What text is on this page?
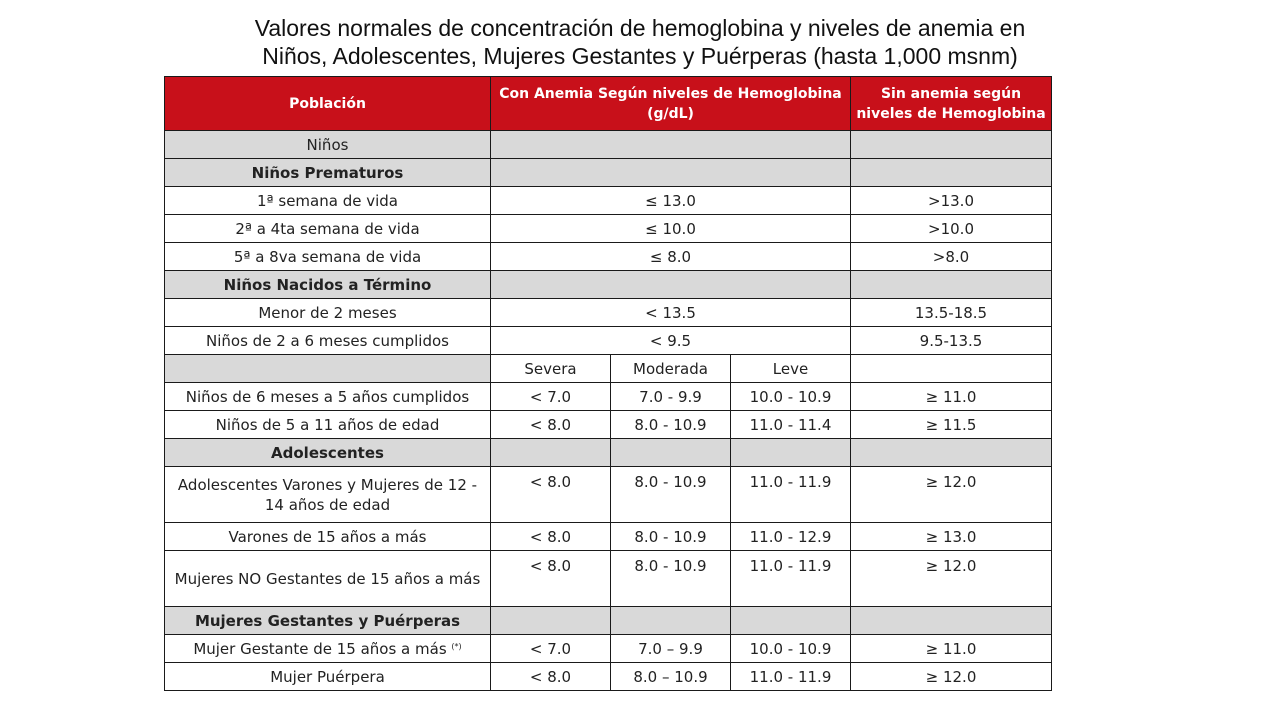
Valores normales de concentración de hemoglobina y niveles de anemia en
Niños, Adolescentes, Mujeres Gestantes y Puérperas (hasta 1,000 msnm)
Población	Con Anemia Según niveles de Hemoglobina (g/dL)			Sin anemia según niveles de Hemoglobina
Niños				
Niños Prematuros				
1ª semana de vida	≤ 13.0			>13.0
2ª a 4ta semana de vida	≤ 10.0			>10.0
5ª a 8va semana de vida	≤ 8.0			>8.0
Niños Nacidos a Término				
Menor de 2 meses	< 13.5			13.5-18.5
Niños de 2 a 6 meses cumplidos	< 9.5			9.5-13.5
	Severa	Moderada	Leve	
Niños de 6 meses a 5 años cumplidos	< 7.0	7.0 - 9.9	10.0 - 10.9	≥ 11.0
Niños de 5 a 11 años de edad	< 8.0	8.0 - 10.9	11.0 - 11.4	≥ 11.5
Adolescentes				
Adolescentes Varones y Mujeres de 12 - 14 años de edad	< 8.0	8.0 - 10.9	11.0 - 11.9	≥ 12.0
Varones de 15 años a más	< 8.0	8.0 - 10.9	11.0 - 12.9	≥ 13.0
Mujeres NO Gestantes de 15 años a más	< 8.0	8.0 - 10.9	11.0 - 11.9	≥ 12.0
Mujeres Gestantes y Puérperas				
Mujer Gestante de 15 años a más (*)	< 7.0	7.0 – 9.9	10.0 - 10.9	≥ 11.0
Mujer Puérpera	< 8.0	8.0 – 10.9	11.0 - 11.9	≥ 12.0
